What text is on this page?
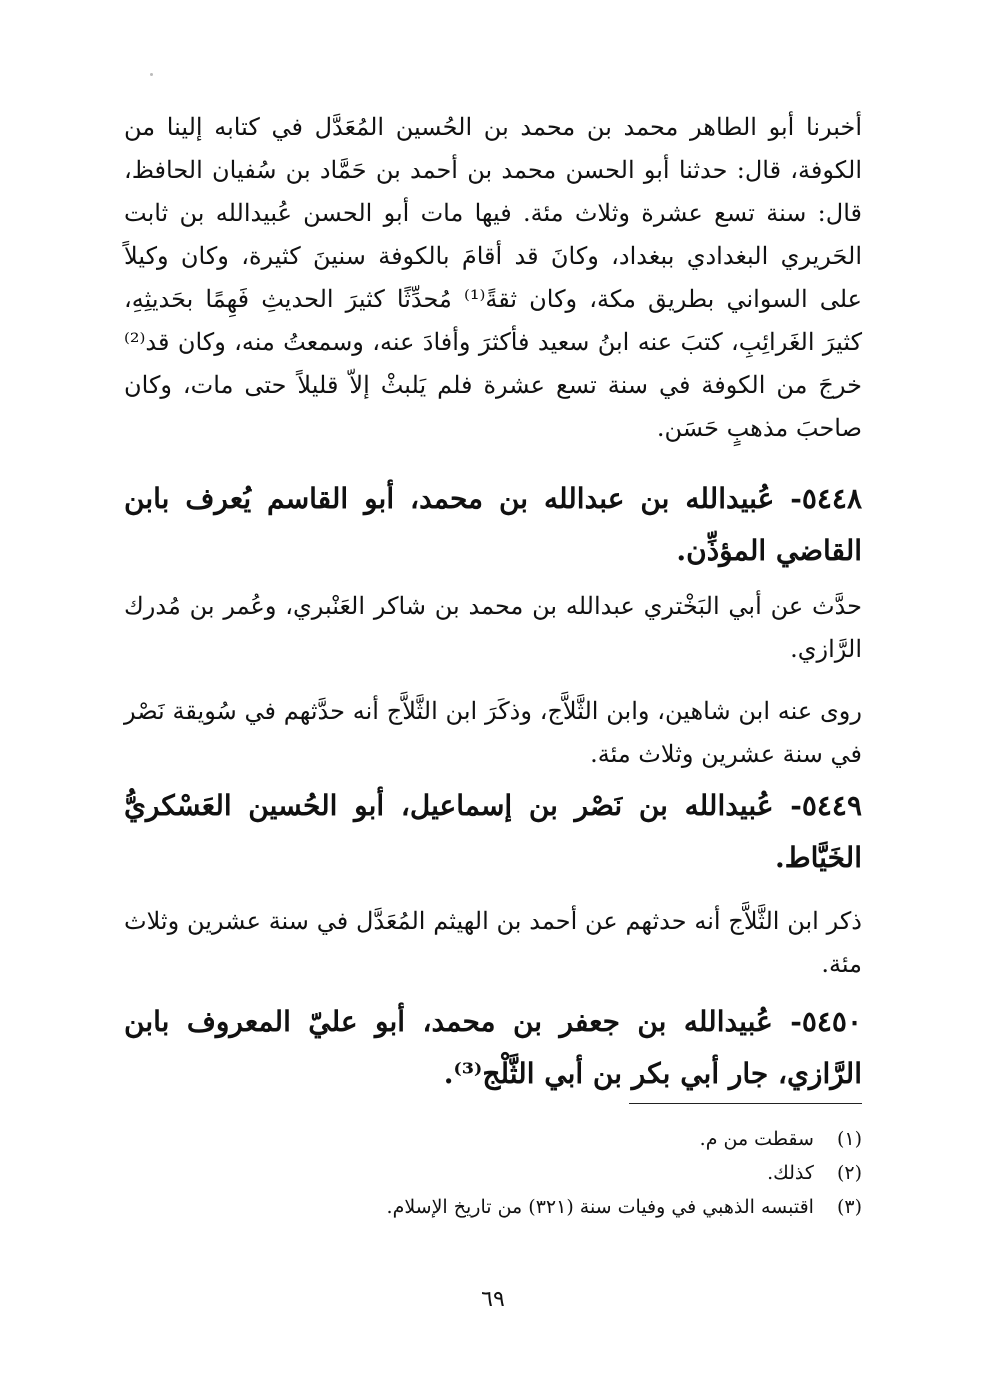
أخبرنا أبو الطاهر محمد بن محمد بن الحُسين المُعَدَّل في كتابه إلينا من الكوفة، قال: حدثنا أبو الحسن محمد بن أحمد بن حَمَّاد بن سُفيان الحافظ، قال: سنة تسع عشرة وثلاث مئة. فيها مات أبو الحسن عُبيدالله بن ثابت الحَريري البغدادي ببغداد، وكانَ قد أقامَ بالكوفة سنينَ كثيرة، وكان وكيلاً على السواني بطريق مكة، وكان ثقةً⁽¹⁾ مُحدِّثًا كثيرَ الحديثِ فَهِمًا بحَديثِهِ، كثيرَ الغَرائِبِ، كتبَ عنه ابنُ سعيد فأكثرَ وأفادَ عنه، وسمعتُ منه، وكان قد⁽²⁾ خرجَ من الكوفة في سنة تسع عشرة فلم يَلبثْ إلاّ قليلاً حتى مات، وكان صاحبَ مذهبٍ حَسَن.

٥٤٤٨- عُبيدالله بن عبدالله بن محمد، أبو القاسم يُعرف بابن القاضي المؤذِّن.

حدَّث عن أبي البَخْتري عبدالله بن محمد بن شاكر العَنْبري، وعُمر بن مُدرك الرَّازي.

روى عنه ابن شاهين، وابن الثَّلاَّج، وذكَرَ ابن الثَّلاَّج أنه حدَّثهم في سُويقة نَصْر في سنة عشرين وثلاث مئة.

٥٤٤٩- عُبيدالله بن نَصْر بن إسماعيل، أبو الحُسين العَسْكريُّ الخَيَّاط.

ذكر ابن الثَّلاَّج أنه حدثهم عن أحمد بن الهيثم المُعَدَّل في سنة عشرين وثلاث مئة.

٥٤٥٠- عُبيدالله بن جعفر بن محمد، أبو عليّ المعروف بابن الرَّازي، جار أبي بكر بن أبي الثَّلْج⁽³⁾.

(١) سقطت من م.
(٢) كذلك.
(٣) اقتبسه الذهبي في وفيات سنة (٣٢١) من تاريخ الإسلام.
٦٩
